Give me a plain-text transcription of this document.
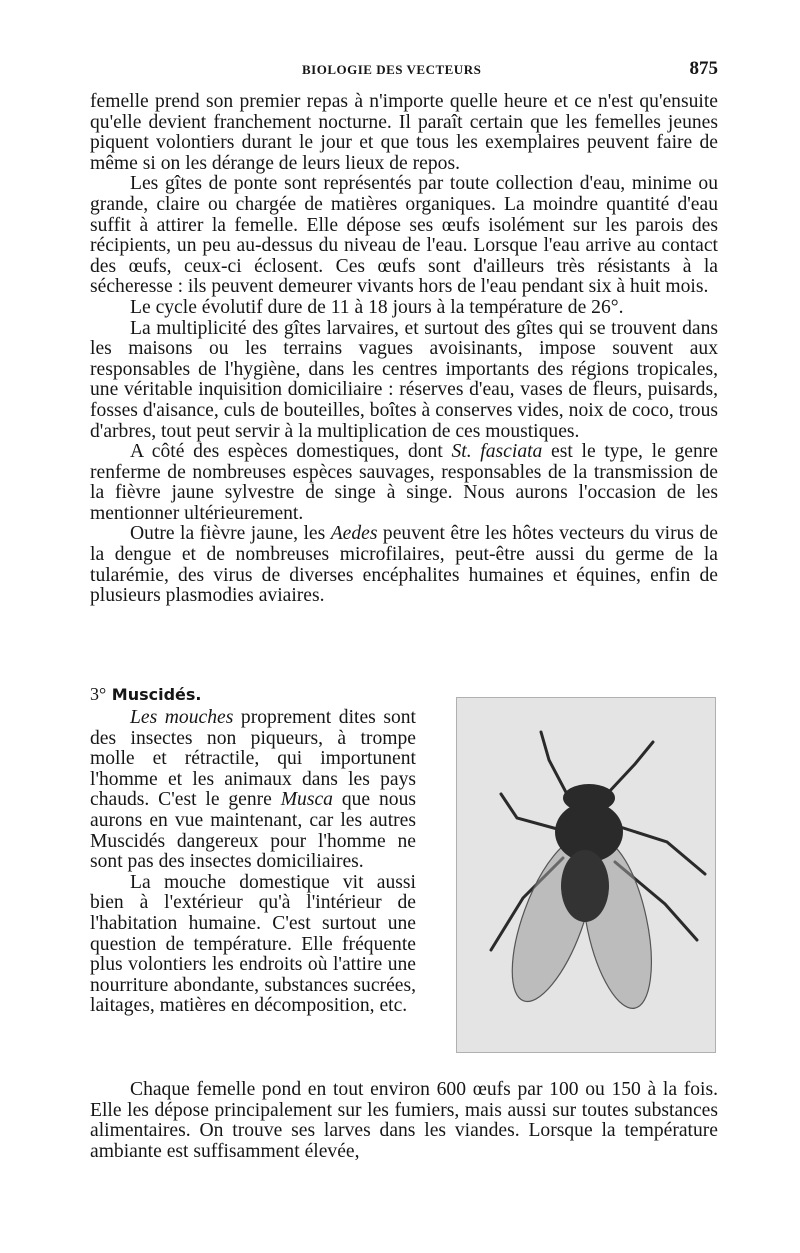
BIOLOGIE DES VECTEURS	875

femelle prend son premier repas à n'importe quelle heure et ce n'est qu'ensuite qu'elle devient franchement nocturne. Il paraît certain que les femelles jeunes piquent volontiers durant le jour et que tous les exemplaires peuvent faire de même si on les dérange de leurs lieux de repos.

Les gîtes de ponte sont représentés par toute collection d'eau, minime ou grande, claire ou chargée de matières organiques. La moindre quantité d'eau suffit à attirer la femelle. Elle dépose ses œufs isolément sur les parois des récipients, un peu au-dessus du niveau de l'eau. Lorsque l'eau arrive au contact des œufs, ceux-ci éclosent. Ces œufs sont d'ailleurs très résistants à la sécheresse : ils peuvent demeurer vivants hors de l'eau pendant six à huit mois.

Le cycle évolutif dure de 11 à 18 jours à la température de 26°.

La multiplicité des gîtes larvaires, et surtout des gîtes qui se trouvent dans les maisons ou les terrains vagues avoisinants, impose souvent aux responsables de l'hygiène, dans les centres importants des régions tropicales, une véritable inquisition domiciliaire : réserves d'eau, vases de fleurs, puisards, fosses d'aisance, culs de bouteilles, boîtes à conserves vides, noix de coco, trous d'arbres, tout peut servir à la multiplication de ces moustiques.

A côté des espèces domestiques, dont St. fasciata est le type, le genre renferme de nombreuses espèces sauvages, responsables de la transmission de la fièvre jaune sylvestre de singe à singe. Nous aurons l'occasion de les mentionner ultérieurement.

Outre la fièvre jaune, les Aedes peuvent être les hôtes vecteurs du virus de la dengue et de nombreuses microfilaires, peut-être aussi du germe de la tularémie, des virus de diverses encéphalites humaines et équines, enfin de plusieurs plasmodies aviaires.

3° Muscidés.

Les mouches proprement dites sont des insectes non piqueurs, à trompe molle et rétractile, qui importunent l'homme et les animaux dans les pays chauds. C'est le genre Musca que nous aurons en vue maintenant, car les autres Muscidés dangereux pour l'homme ne sont pas des insectes domiciliaires.

La mouche domestique vit aussi bien à l'extérieur qu'à l'intérieur de l'habitation humaine. C'est surtout une question de température. Elle fréquente plus volontiers les endroits où l'attire une nourriture abondante, substances sucrées, laitages, matières en décomposition, etc.

Chaque femelle pond en tout environ 600 œufs par 100 ou 150 à la fois. Elle les dépose principalement sur les fumiers, mais aussi sur toutes substances alimentaires. On trouve ses larves dans les viandes. Lorsque la température ambiante est suffisamment élevée,
